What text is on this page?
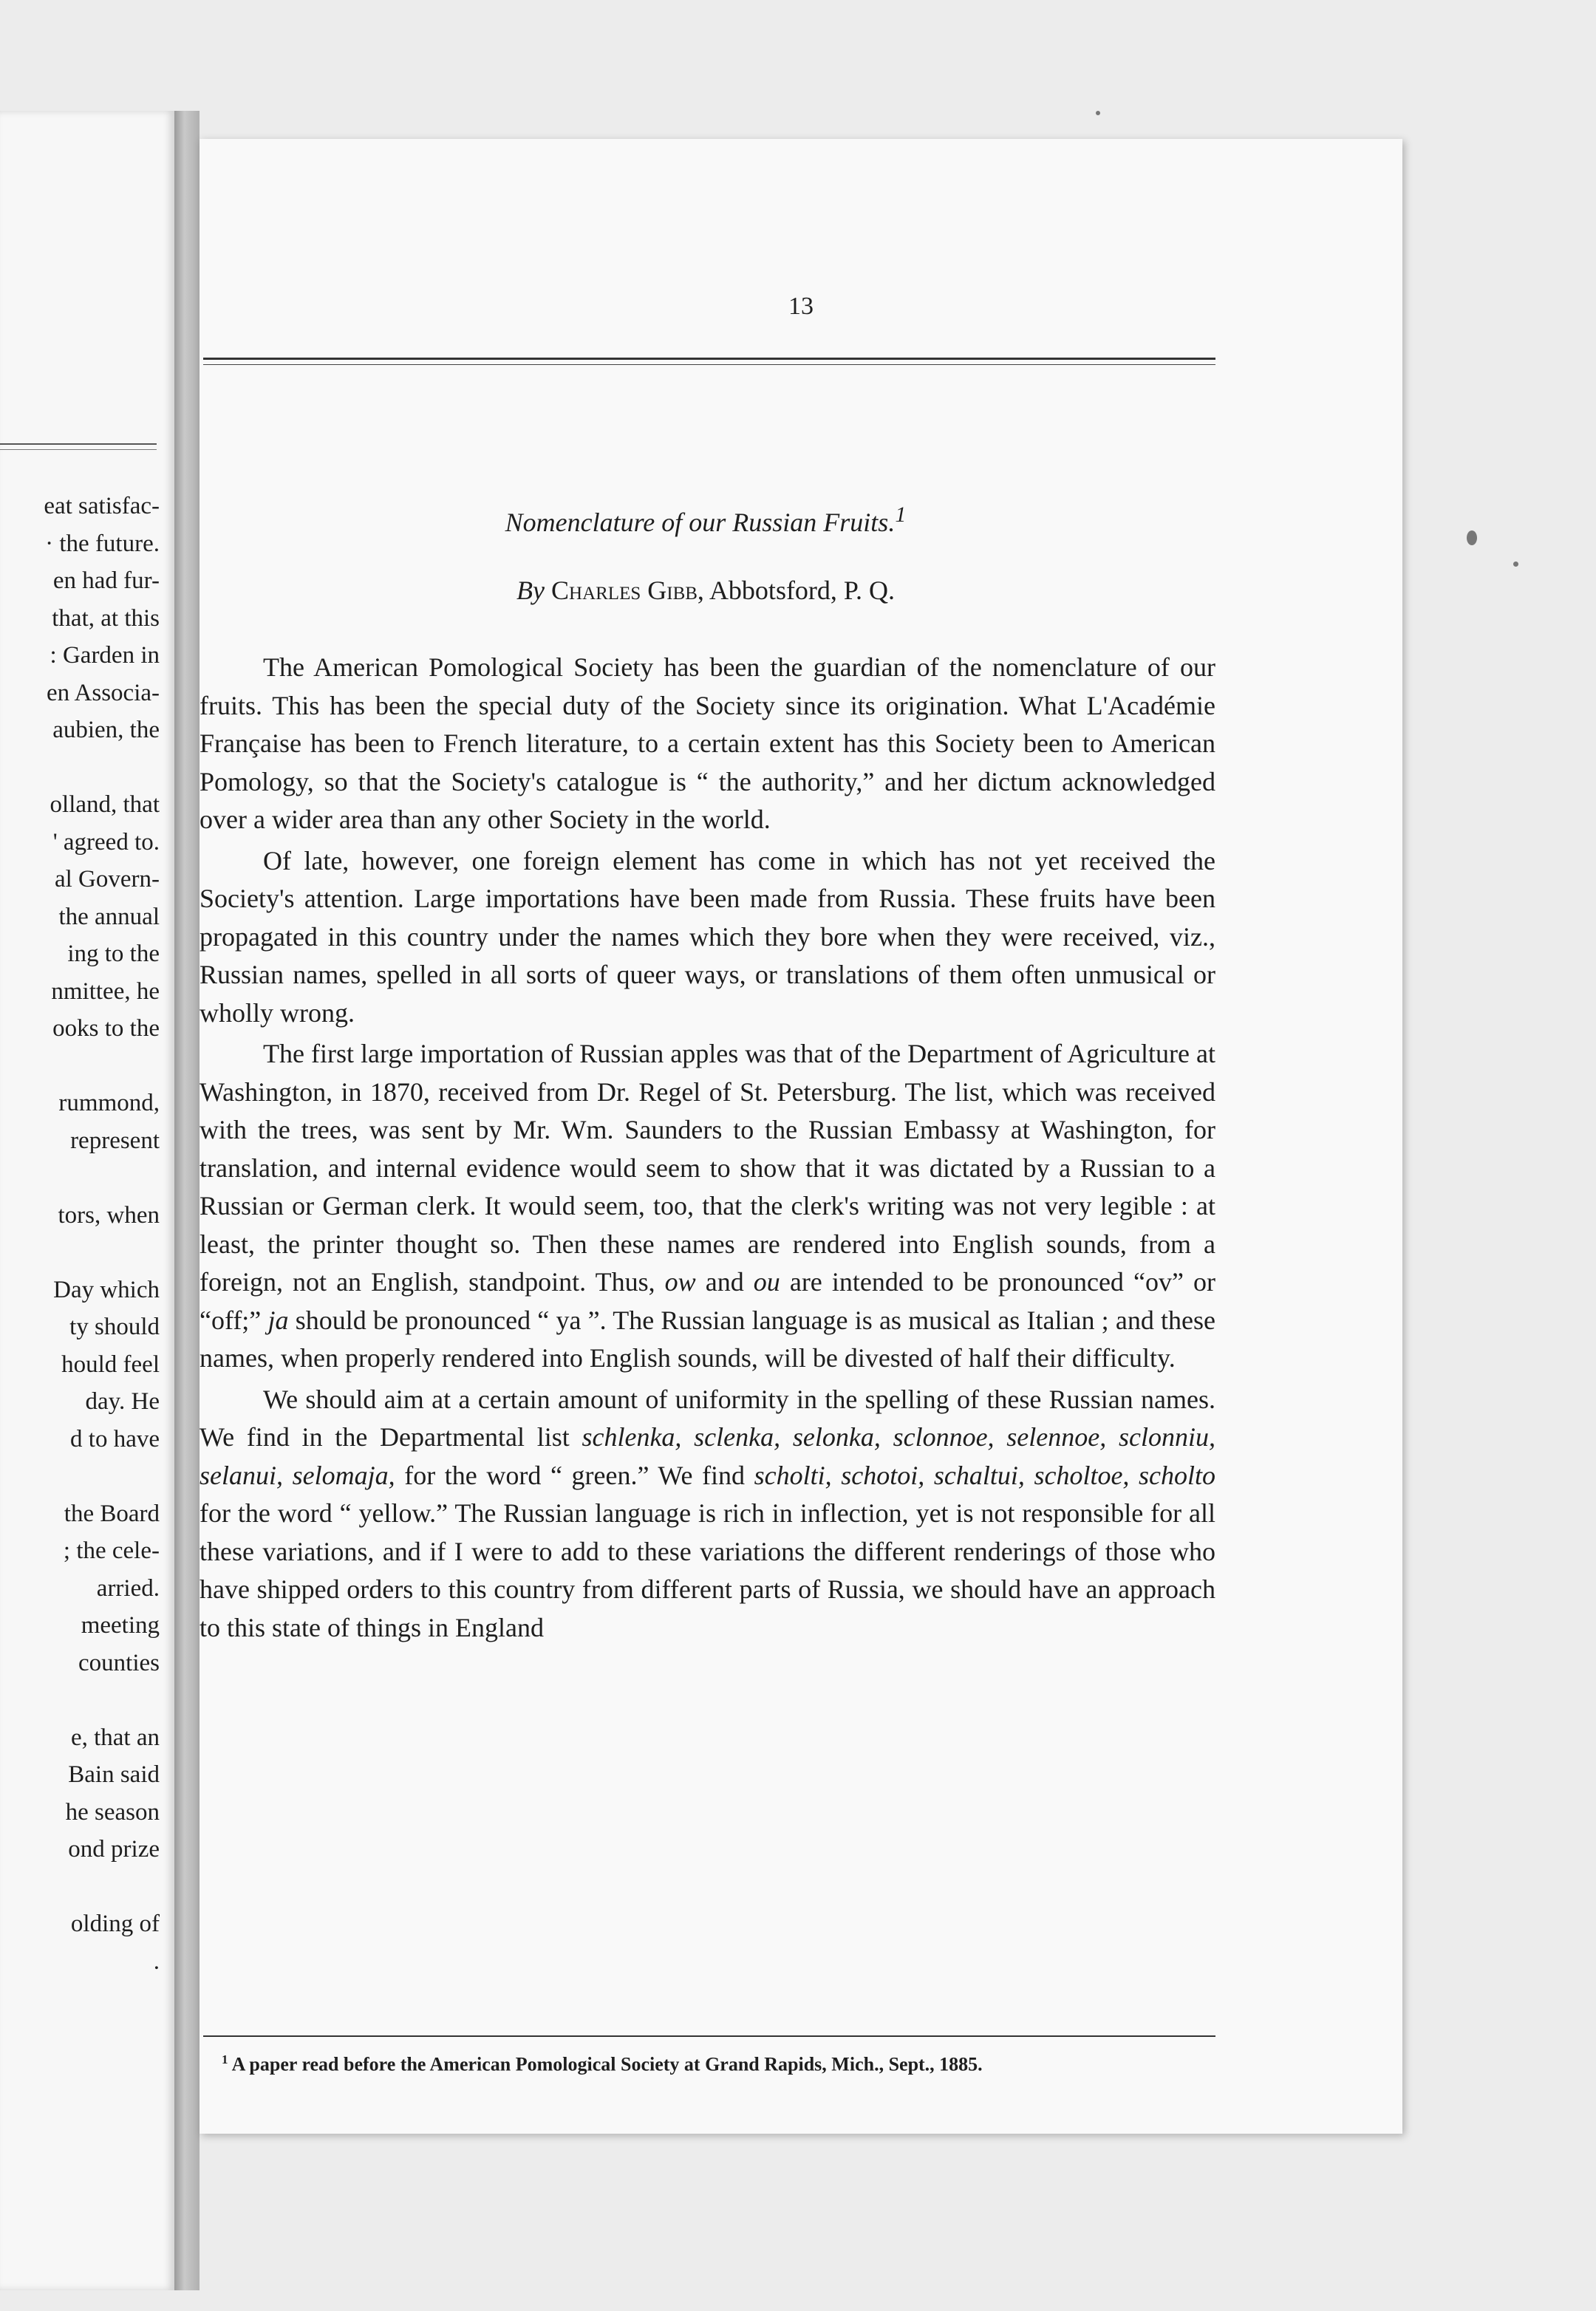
eat satisfac-
· the future.
en had fur-
that, at this
: Garden in
en Associa-
aubien, the
olland, that
' agreed to.
al Govern-
the annual
ing to the
nmittee, he
ooks to the
rummond,
represent
tors, when
Day which
ty should
hould feel
day. He
d to have
the Board
; the cele-
arried.
meeting
counties
e, that an
Bain said
he season
ond prize
olding of
.
13
Nomenclature of our Russian Fruits.$^1$
By Charles Gibb, Abbotsford, P. Q.

The American Pomological Society has been the guardian of the nomenclature of our fruits. This has been the special duty of the Society since its origination. What L'Académie Française has been to French literature, to a certain extent has this Society been to American Pomology, so that the Society's catalogue is “ the authority,” and her dictum acknowledged over a wider area than any other Society in the world.

Of late, however, one foreign element has come in which has not yet received the Society's attention. Large importations have been made from Russia. These fruits have been propagated in this country under the names which they bore when they were received, viz., Russian names, spelled in all sorts of queer ways, or translations of them often unmusical or wholly wrong.

The first large importation of Russian apples was that of the Department of Agriculture at Washington, in 1870, received from Dr. Regel of St. Petersburg. The list, which was received with the trees, was sent by Mr. Wm. Saunders to the Russian Embassy at Washington, for translation, and internal evidence would seem to show that it was dictated by a Russian to a Russian or German clerk. It would seem, too, that the clerk's writing was not very legible : at least, the printer thought so. Then these names are rendered into English sounds, from a foreign, not an English, standpoint. Thus, ow and ou are intended to be pronounced “ov” or “off;” ja should be pronounced “ ya ”. The Russian language is as musical as Italian ; and these names, when properly rendered into English sounds, will be divested of half their difficulty.

We should aim at a certain amount of uniformity in the spelling of these Russian names. We find in the Departmental list schlenka, sclenka, selonka, sclonnoe, selennoe, sclonniu, selanui, selomaja, for the word “ green.” We find scholti, schotoi, schaltui, scholtoe, scholto for the word “ yellow.” The Russian language is rich in inflection, yet is not responsible for all these variations, and if I were to add to these variations the different renderings of those who have shipped orders to this country from different parts of Russia, we should have an approach to this state of things in England

$^1$ A paper read before the American Pomological Society at Grand Rapids, Mich., Sept., 1885.
